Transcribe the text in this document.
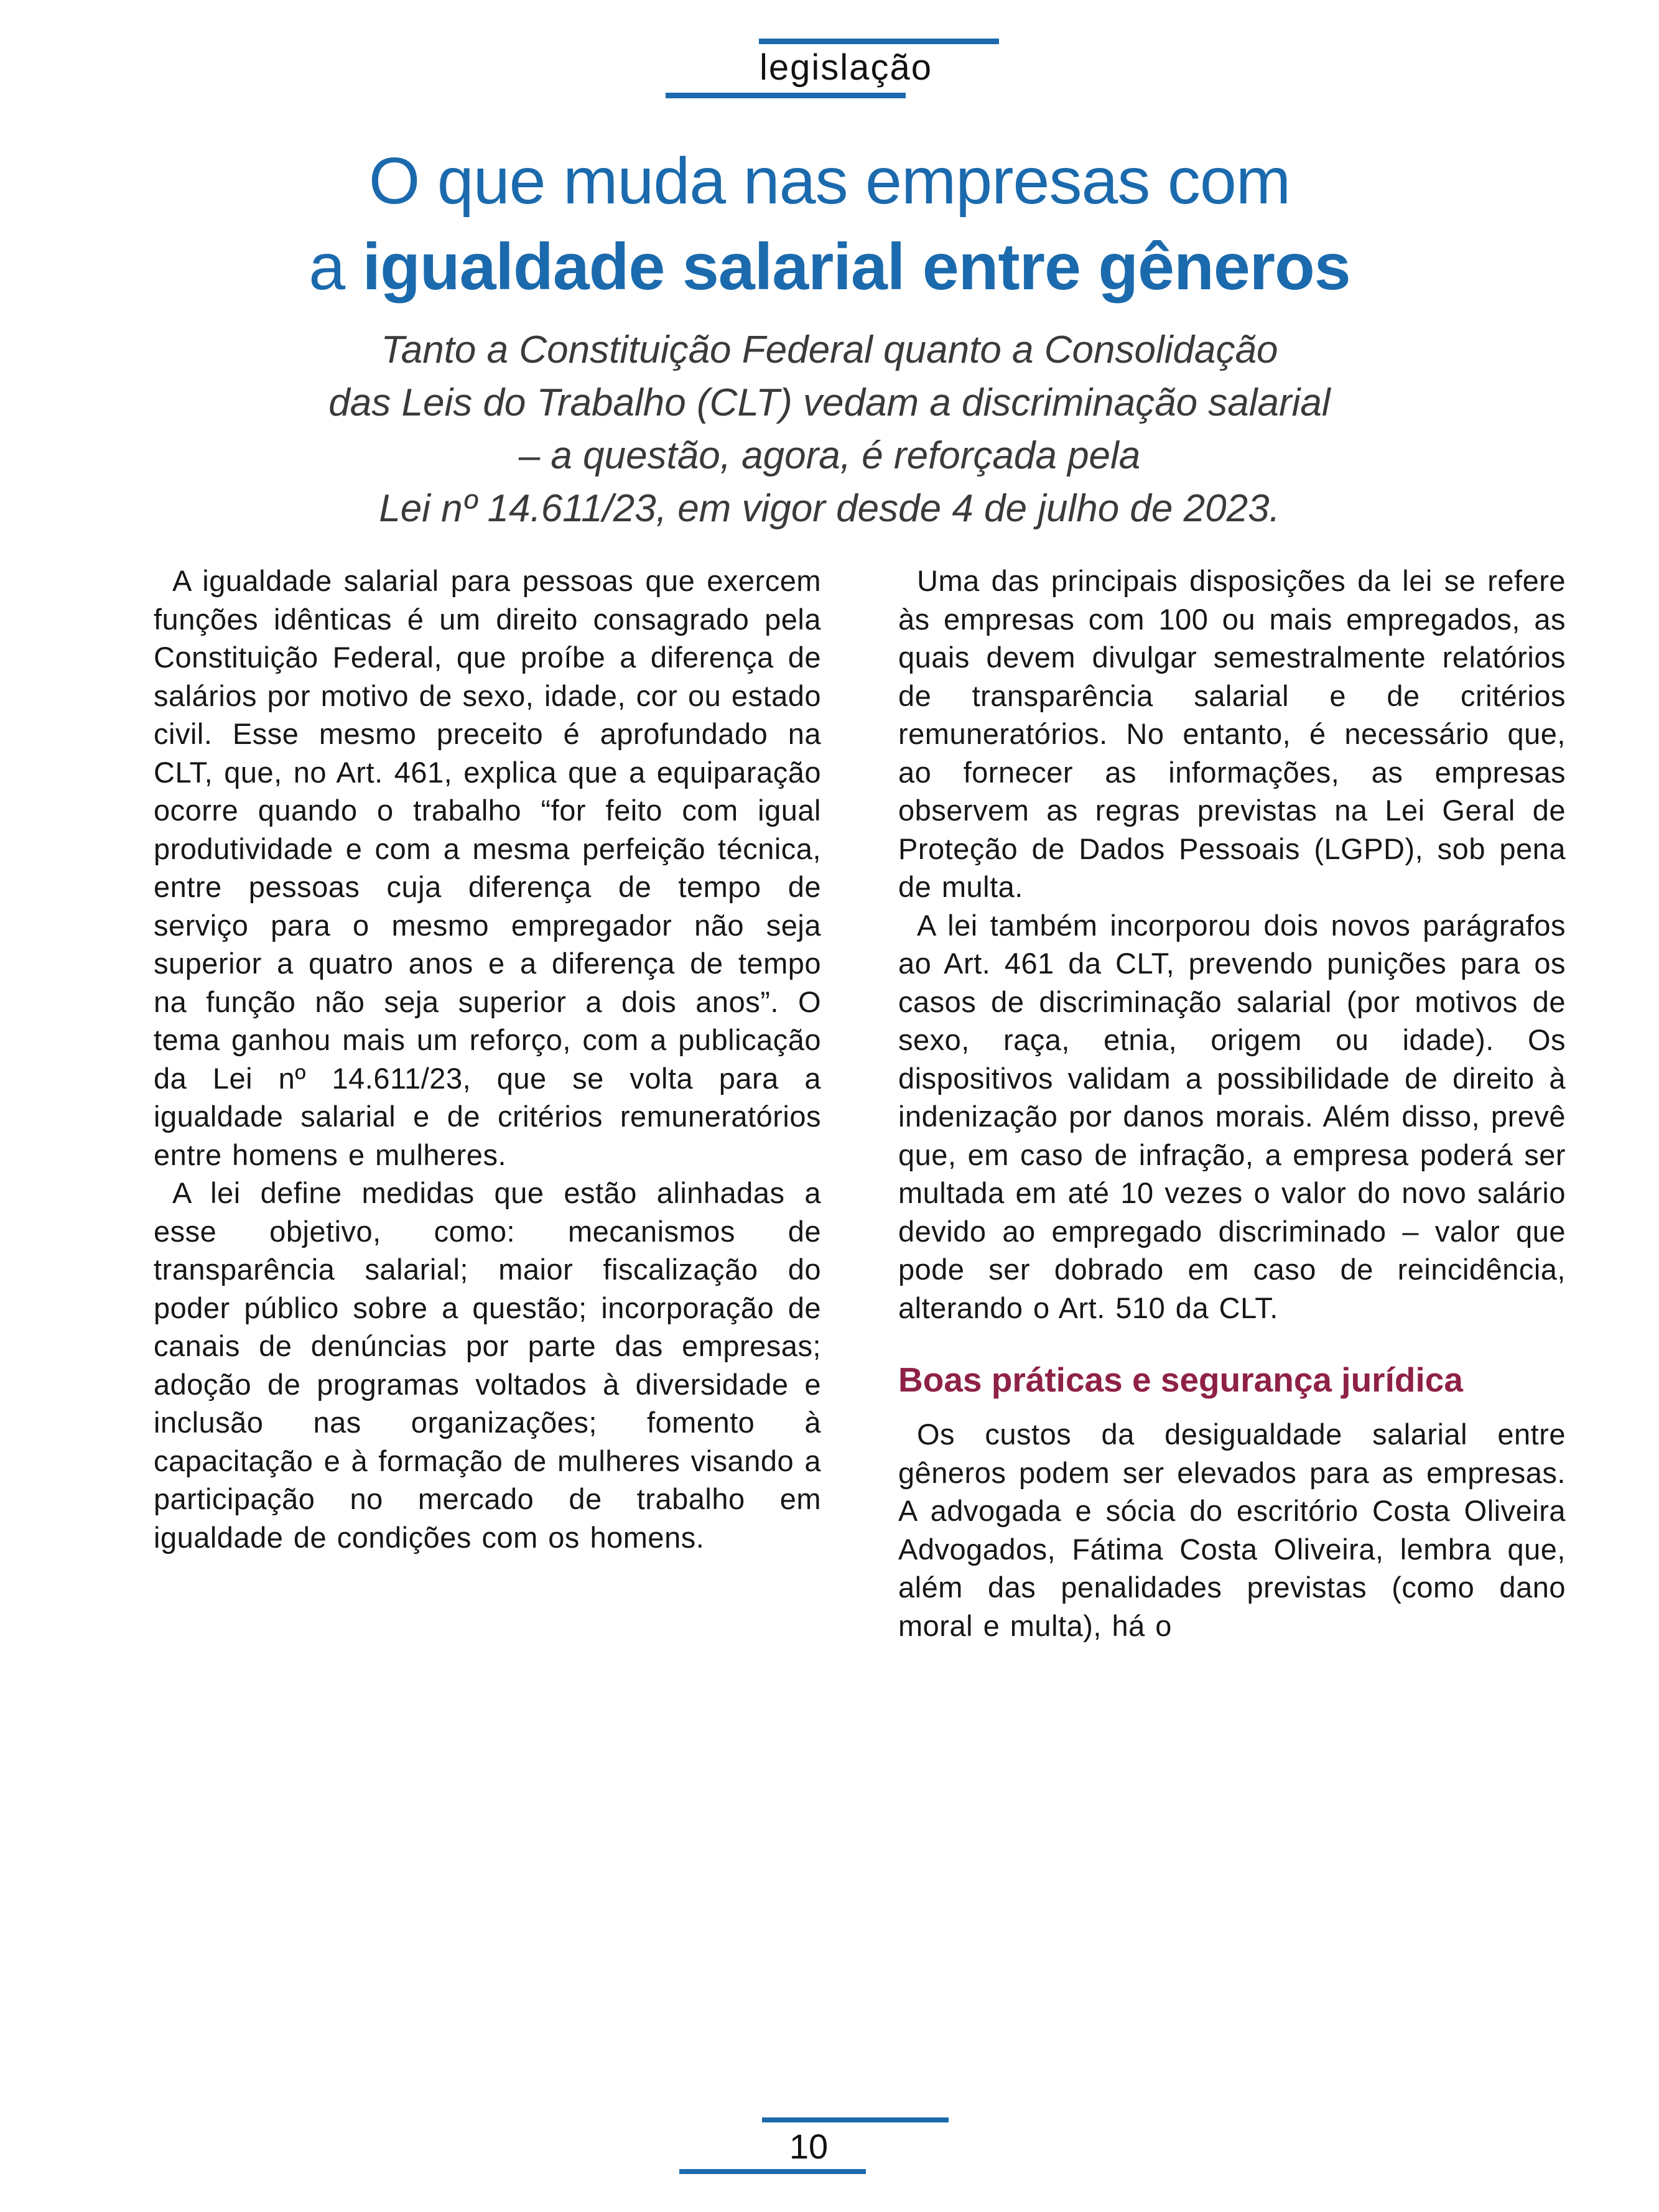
legislação
O que muda nas empresas com
a igualdade salarial entre gêneros
Tanto a Constituição Federal quanto a Consolidação
das Leis do Trabalho (CLT) vedam a discriminação salarial
– a questão, agora, é reforçada pela
Lei nº 14.611/23, em vigor desde 4 de julho de 2023.

A igualdade salarial para pessoas que exercem funções idênticas é um direito consagrado pela Constituição Federal, que proíbe a diferença de salários por motivo de sexo, idade, cor ou estado civil. Esse mesmo preceito é aprofundado na CLT, que, no Art. 461, explica que a equiparação ocorre quando o trabalho “for feito com igual produtividade e com a mesma perfeição técnica, entre pessoas cuja diferença de tempo de serviço para o mesmo empregador não seja superior a quatro anos e a diferença de tempo na função não seja superior a dois anos”. O tema ganhou mais um reforço, com a publicação da Lei nº 14.611/23, que se volta para a igualdade salarial e de critérios remuneratórios entre homens e mulheres.

A lei define medidas que estão alinhadas a esse objetivo, como: mecanismos de transparência salarial; maior fiscalização do poder público sobre a questão; incorporação de canais de denúncias por parte das empresas; adoção de programas voltados à diversidade e inclusão nas organizações; fomento à capacitação e à formação de mulheres visando a participação no mercado de trabalho em igualdade de condições com os homens.

Uma das principais disposições da lei se refere às empresas com 100 ou mais empregados, as quais devem divulgar semestralmente relatórios de transparência salarial e de critérios remuneratórios. No entanto, é necessário que, ao fornecer as informações, as empresas observem as regras previstas na Lei Geral de Proteção de Dados Pessoais (LGPD), sob pena de multa.

A lei também incorporou dois novos parágrafos ao Art. 461 da CLT, prevendo punições para os casos de discriminação salarial (por motivos de sexo, raça, etnia, origem ou idade). Os dispositivos validam a possibilidade de direito à indenização por danos morais. Além disso, prevê que, em caso de infração, a empresa poderá ser multada em até 10 vezes o valor do novo salário devido ao empregado discriminado – valor que pode ser dobrado em caso de reincidência, alterando o Art. 510 da CLT.

Boas práticas e segurança jurídica

Os custos da desigualdade salarial entre gêneros podem ser elevados para as empresas. A advogada e sócia do escritório Costa Oliveira Advogados, Fátima Costa Oliveira, lembra que, além das penalidades previstas (como dano moral e multa), há o

10
